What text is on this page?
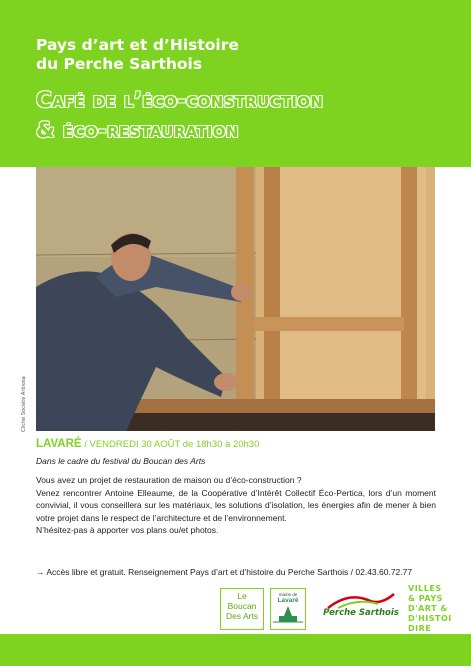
Pays d’art et d’Histoire
du Perche Sarthois
Café de l’éco-construction
& éco-restauration
Cliché Société Arbiosa
LAVARÉ / VENDREDI 30 AOÛT de 18h30 à 20h30
Dans le cadre du festival du Boucan des Arts

Vous avez un projet de restauration de maison ou d’éco-construction ?

Venez rencontrer Antoine Elleaume, de la Coopérative d’Intérêt Collectif Éco-Pertica, lors d’un moment convivial, il vous conseillera sur les matériaux, les solutions d’isolation, les énergies afin de mener à bien votre projet dans le respect de l’architecture et de l’environnement.

N’hésitez-pas à apporter vos plans ou/et photos.

→ Accès libre et gratuit. Renseignement Pays d’art et d’histoire du Perche Sarthois / 02.43.60.72.77
Le
Boucan
Des Arts
mairie de
Lavaré
Perche Sarthois
VILLES
& PAYS
D'ART &
D'HISTOI
DIRE
